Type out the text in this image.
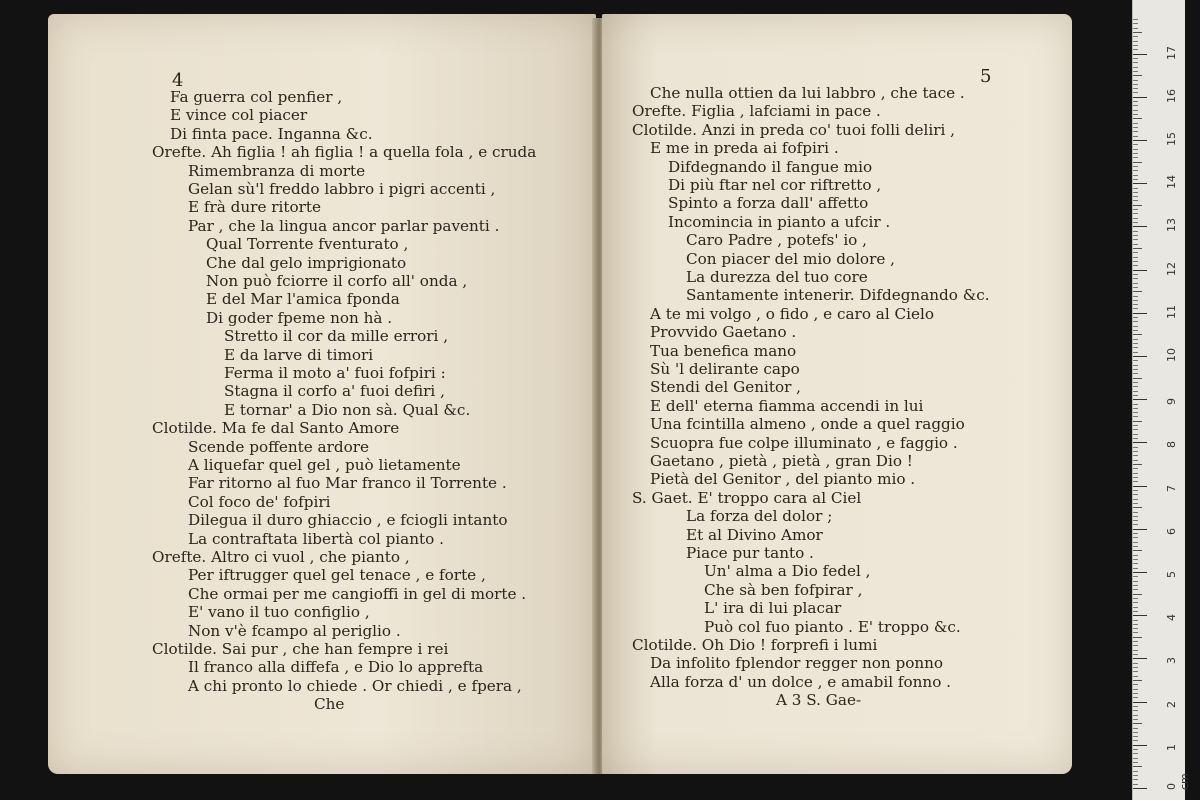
4
Fa guerra col penfier ,
E vince col piacer
Di finta pace. Inganna &c.
Orefte. Ah figlia ! ah figlia ! a quella fola , e cruda
Rimembranza di morte
Gelan sù'l freddo labbro i pigri accenti ,
E frà dure ritorte
Par , che la lingua ancor parlar paventi .
Qual Torrente fventurato ,
Che dal gelo imprigionato
Non può fciorre il corfo all' onda ,
E del Mar l'amica fponda
Di goder fpeme non hà .
Stretto il cor da mille errori ,
E da larve di timori
Ferma il moto a' fuoi fofpiri :
Stagna il corfo a' fuoi defiri ,
E tornar' a Dio non sà. Qual &c.
Clotilde. Ma fe dal Santo Amore
Scende poffente ardore
A liquefar quel gel , può lietamente
Far ritorno al fuo Mar franco il Torrente .
Col foco de' fofpiri
Dilegua il duro ghiaccio , e fciogli intanto
La contraftata libertà col pianto .
Orefte. Altro ci vuol , che pianto ,
Per iftrugger quel gel tenace , e forte ,
Che ormai per me cangioffi in gel di morte .
E' vano il tuo configlio ,
Non v'è fcampo al periglio .
Clotilde. Sai pur , che han fempre i rei
Il franco alla diffefa , e Dio lo apprefta
A chi pronto lo chiede . Or chiedi , e fpera ,
Che
5
Che nulla ottien da lui labbro , che tace .
Orefte. Figlia , lafciami in pace .
Clotilde. Anzi in preda co' tuoi folli deliri ,
E me in preda ai fofpiri .
Difdegnando il fangue mio
Di più ftar nel cor riftretto ,
Spinto a forza dall' affetto
Incomincia in pianto a ufcir .
Caro Padre , potefs' io ,
Con piacer del mio dolore ,
La durezza del tuo core
Santamente intenerir. Difdegnando &c.
A te mi volgo , o fido , e caro al Cielo
Provvido Gaetano .
Tua benefica mano
Sù 'l delirante capo
Stendi del Genitor ,
E dell' eterna fiamma accendi in lui
Una fcintilla almeno , onde a quel raggio
Scuopra fue colpe illuminato , e faggio .
Gaetano , pietà , pietà , gran Dio !
Pietà del Genitor , del pianto mio .
S. Gaet. E' troppo cara al Ciel
La forza del dolor ;
Et al Divino Amor
Piace pur tanto .
Un' alma a Dio fedel ,
Che sà ben fofpirar ,
L' ira di lui placar
Può col fuo pianto . E' troppo &c.
Clotilde. Oh Dio ! forprefi i lumi
Da infolito fplendor regger non ponno
Alla forza d' un dolce , e amabil fonno .
A 3 S. Gae-
0 cm
1
2
3
4
5
6
7
8
9
10
11
12
13
14
15
16
17
